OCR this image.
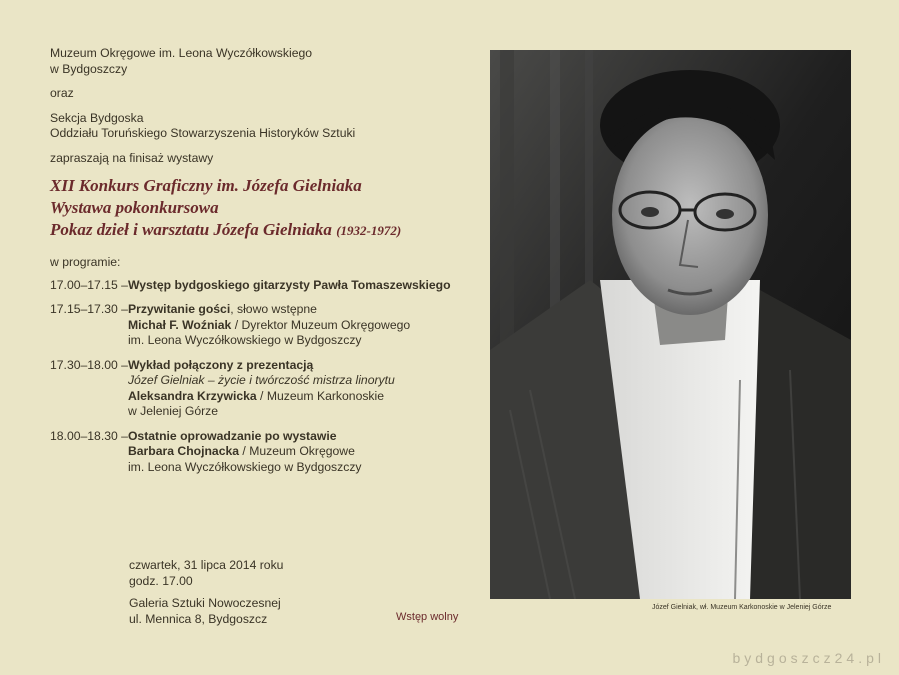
Muzeum Okręgowe im. Leona Wyczółkowskiego
w Bydgoszczy
oraz
Sekcja Bydgoska
Oddziału Toruńskiego Stowarzyszenia Historyków Sztuki
zapraszają na finisaż wystawy
XII Konkurs Graficzny im. Józefa Gielniaka
Wystawa pokonkursowa
Pokaz dzieł i warsztatu Józefa Gielniaka (1932-1972)
w programie:
17.00–17.15 – Występ bydgoskiego gitarzysty Pawła Tomaszewskiego
17.15–17.30 – Przywitanie gości, słowo wstępne
Michał F. Woźniak / Dyrektor Muzeum Okręgowego
im. Leona Wyczółkowskiego w Bydgoszczy
17.30–18.00 – Wykład połączony z prezentacją
Józef Gielniak – życie i twórczość mistrza linorytu
Aleksandra Krzywicka / Muzeum Karkonoskie
w Jeleniej Górze
18.00–18.30 – Ostatnie oprowadzanie po wystawie
Barbara Chojnacka / Muzeum Okręgowe
im. Leona Wyczółkowskiego w Bydgoszczy
czwartek, 31 lipca 2014 roku
godz. 17.00
Galeria Sztuki Nowoczesnej
ul. Mennica 8, Bydgoszcz	Wstęp wolny
Józef Gielniak, wł. Muzeum Karkonoskie w Jeleniej Górze
bydgoszcz24.pl
